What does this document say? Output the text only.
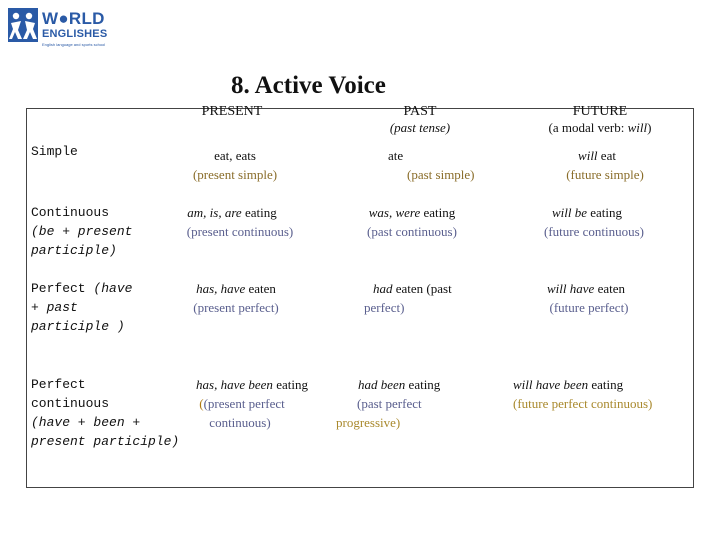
W●RLD
ENGLISHES
English language and sports school
8. Active Voice
PRESENT	PAST
(past tense)
FUTURE
(a modal verb: will)
Simple	eat, eats
(present simple)
ate
(past simple)
will eat
(future simple)
Continuous
(be + present
participle)
am, is, are eating
(present continuous)
was, were eating
(past continuous)
will be eating
(future continuous)
Perfect (have
+ past
participle )
has, have eaten
(present perfect)
had eaten (past
perfect)
will have eaten
(future perfect)
Perfect
continuous
(have + been +
present participle)
has, have been eating
((present perfect
continuous)
had been eating
(past perfect
progressive)
will have been eating
(future perfect continuous)
